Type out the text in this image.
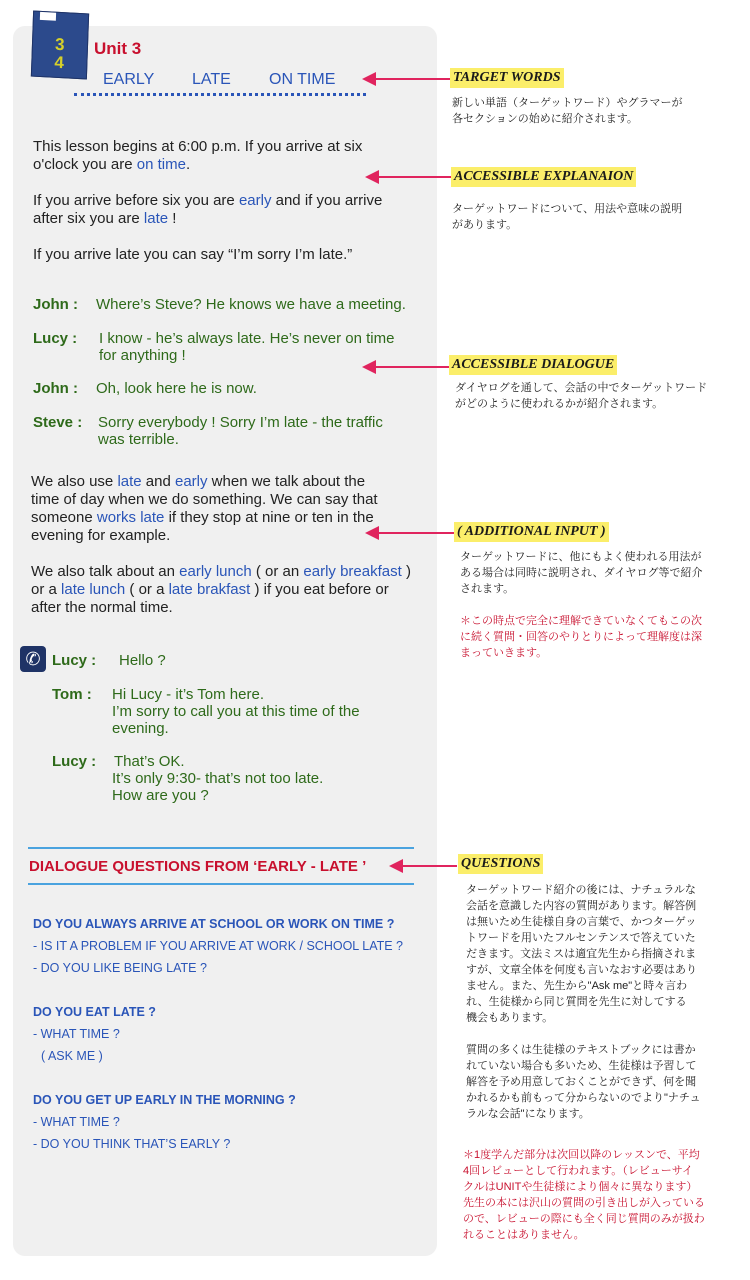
3
4
Unit 3
EARLY LATE ON TIME
This lesson begins at 6:00 p.m. If you arrive at six
o'clock you are on time.
If you arrive before six you are early and if you arrive
after six you are late !
If you arrive late you can say “I’m sorry I’m late.”
John : Where’s Steve? He knows we have a meeting.
Lucy : I know - he’s always late. He’s never on time
for anything !
John : Oh, look here he is now.
Steve : Sorry everybody ! Sorry I’m late - the traffic
was terrible.
We also use late and early when we talk about the
time of day when we do something. We can say that
someone works late if they stop at nine or ten in the
evening for example.
We also talk about an early lunch ( or an early breakfast )
or a late lunch ( or a late brakfast ) if you eat before or
after the normal time.
✆ Lucy : Hello ?
Tom : Hi Lucy - it’s Tom here.
I’m sorry to call you at this time of the
evening.
Lucy : That’s OK.
It’s only 9:30- that’s not too late.
How are you ?
DIALOGUE QUESTIONS FROM ‘EARLY - LATE ’
DO YOU ALWAYS ARRIVE AT SCHOOL OR WORK ON TIME ?
- IS IT A PROBLEM IF YOU ARRIVE AT WORK / SCHOOL LATE ?
- DO YOU LIKE BEING LATE ?
DO YOU EAT LATE ?
- WHAT TIME ?
( ASK ME )
DO YOU GET UP EARLY IN THE MORNING ?
- WHAT TIME ?
- DO YOU THINK THAT’S EARLY ?
TARGET WORDS
新しい単語（ターゲットワード）やグラマーが
各セクションの始めに紹介されます。
ACCESSIBLE EXPLANAION
ターゲットワードについて、用法や意味の説明
があります。
ACCESSIBLE DIALOGUE
ダイヤログを通して、会話の中でターゲットワード
がどのように使われるかが紹介されます。
( ADDITIONAL INPUT )
ターゲットワードに、他にもよく使われる用法が
ある場合は同時に説明され、ダイヤログ等で紹介
されます。
＊この時点で完全に理解できていなくてもこの次
に続く質問・回答のやりとりによって理解度は深
まっていきます。
QUESTIONS
ターゲットワード紹介の後には、ナチュラルな
会話を意識した内容の質問があります。解答例
は無いため生徒様自身の言葉で、かつターゲッ
トワードを用いたフルセンテンスで答えていた
だきます。文法ミスは適宜先生から指摘されま
すが、文章全体を何度も言いなおす必要はあり
ません。また、先生から"Ask me"と時々言わ
れ、生徒様から同じ質問を先生に対してする
機会もあります。
質問の多くは生徒様のテキストブックには書か
れていない場合も多いため、生徒様は予習して
解答を予め用意しておくことができず、何を聞
かれるかも前もって分からないのでより"ナチュ
ラルな会話"になります。
＊1度学んだ部分は次回以降のレッスンで、平均
4回レビューとして行われます。（レビューサイ
クルはUNITや生徒様により個々に異なります）
先生の本には沢山の質問の引き出しが入っている
ので、レビューの際にも全く同じ質問のみが扱わ
れることはありません。
